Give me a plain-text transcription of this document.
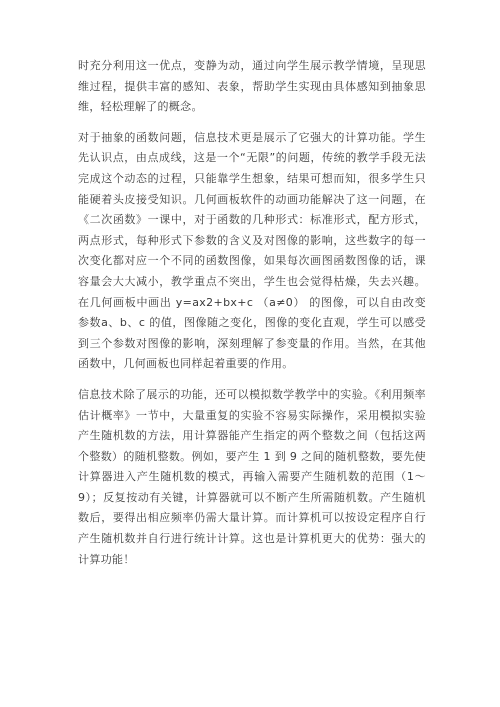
时充分利用这一优点，变静为动，通过向学生展示教学情境，呈现思维过程，提供丰富的感知、表象，帮助学生实现由具体感知到抽象思维，轻松理解了的概念。

对于抽象的函数问题，信息技术更是展示了它强大的计算功能。学生先认识点，由点成线，这是一个“无限”的问题，传统的教学手段无法完成这个动态的过程，只能靠学生想象，结果可想而知，很多学生只能硬着头皮接受知识。几何画板软件的动画功能解决了这一问题，在《二次函数》一课中，对于函数的几种形式：标准形式，配方形式，两点形式，每种形式下参数的含义及对图像的影响，这些数字的每一次变化都对应一个不同的函数图像，如果每次画图函数图像的话，课容量会大大减小，教学重点不突出，学生也会觉得枯燥，失去兴趣。在几何画板中画出 y=ax2+bx+c （a≠0） 的图像，可以自由改变参数a、b、c 的值，图像随之变化，图像的变化直观，学生可以感受到三个参数对图像的影响，深刻理解了参变量的作用。当然，在其他函数中，几何画板也同样起着重要的作用。

信息技术除了展示的功能，还可以模拟数学教学中的实验。《利用频率估计概率》一节中，大量重复的实验不容易实际操作，采用模拟实验产生随机数的方法，用计算器能产生指定的两个整数之间（包括这两个整数）的随机整数。例如，要产生 1 到 9 之间的随机整数，要先使计算器进入产生随机数的模式，再输入需要产生随机数的范围（1～9）；反复按动有关键，计算器就可以不断产生所需随机数。产生随机数后，要得出相应频率仍需大量计算。而计算机可以按设定程序自行产生随机数并自行进行统计计算。这也是计算机更大的优势：强大的计算功能！
